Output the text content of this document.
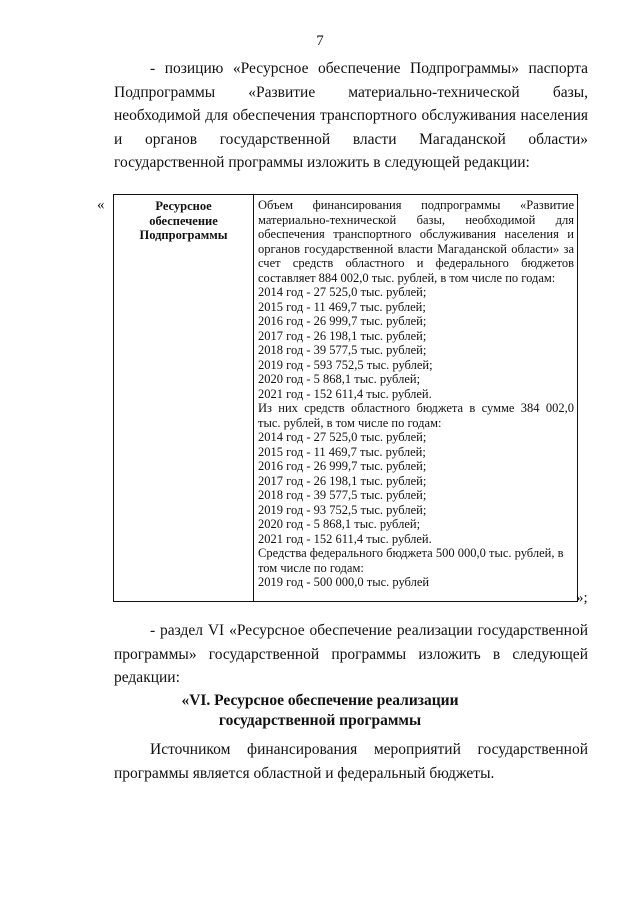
7

- позицию «Ресурсное обеспечение Подпрограммы» паспорта Подпрограммы «Развитие материально-технической базы, необходимой для обеспечения транспортного обслуживания населения и органов государственной власти Магаданской области» государственной программы изложить в следующей редакции:

«	Ресурсное
обеспечение
Подпрограммы

Объем финансирования подпрограммы «Развитие материально-технической базы, необходимой для обеспечения транспортного обслуживания населения и органов государственной власти Магаданской области» за счет средств областного и федерального бюджетов составляет 884 002,0 тыс. рублей, в том числе по годам:

2014 год - 27 525,0 тыс. рублей;
2015 год - 11 469,7 тыс. рублей;
2016 год - 26 999,7 тыс. рублей;
2017 год - 26 198,1 тыс. рублей;
2018 год - 39 577,5 тыс. рублей;
2019 год - 593 752,5 тыс. рублей;
2020 год - 5 868,1 тыс. рублей;
2021 год - 152 611,4 тыс. рублей.

Из них средств областного бюджета в сумме 384 002,0 тыс. рублей, в том числе по годам:

2014 год - 27 525,0 тыс. рублей;
2015 год - 11 469,7 тыс. рублей;
2016 год - 26 999,7 тыс. рублей;
2017 год - 26 198,1 тыс. рублей;
2018 год - 39 577,5 тыс. рублей;
2019 год - 93 752,5 тыс. рублей;
2020 год - 5 868,1 тыс. рублей;
2021 год - 152 611,4 тыс. рублей.

Средства федерального бюджета 500 000,0 тыс. рублей, в том числе по годам:

2019 год - 500 000,0 тыс. рублей
»;

- раздел VI «Ресурсное обеспечение реализации государственной программы» государственной программы изложить в следующей редакции:

«VI. Ресурсное обеспечение реализации
государственной программы

Источником финансирования мероприятий государственной программы является областной и федеральный бюджеты.
